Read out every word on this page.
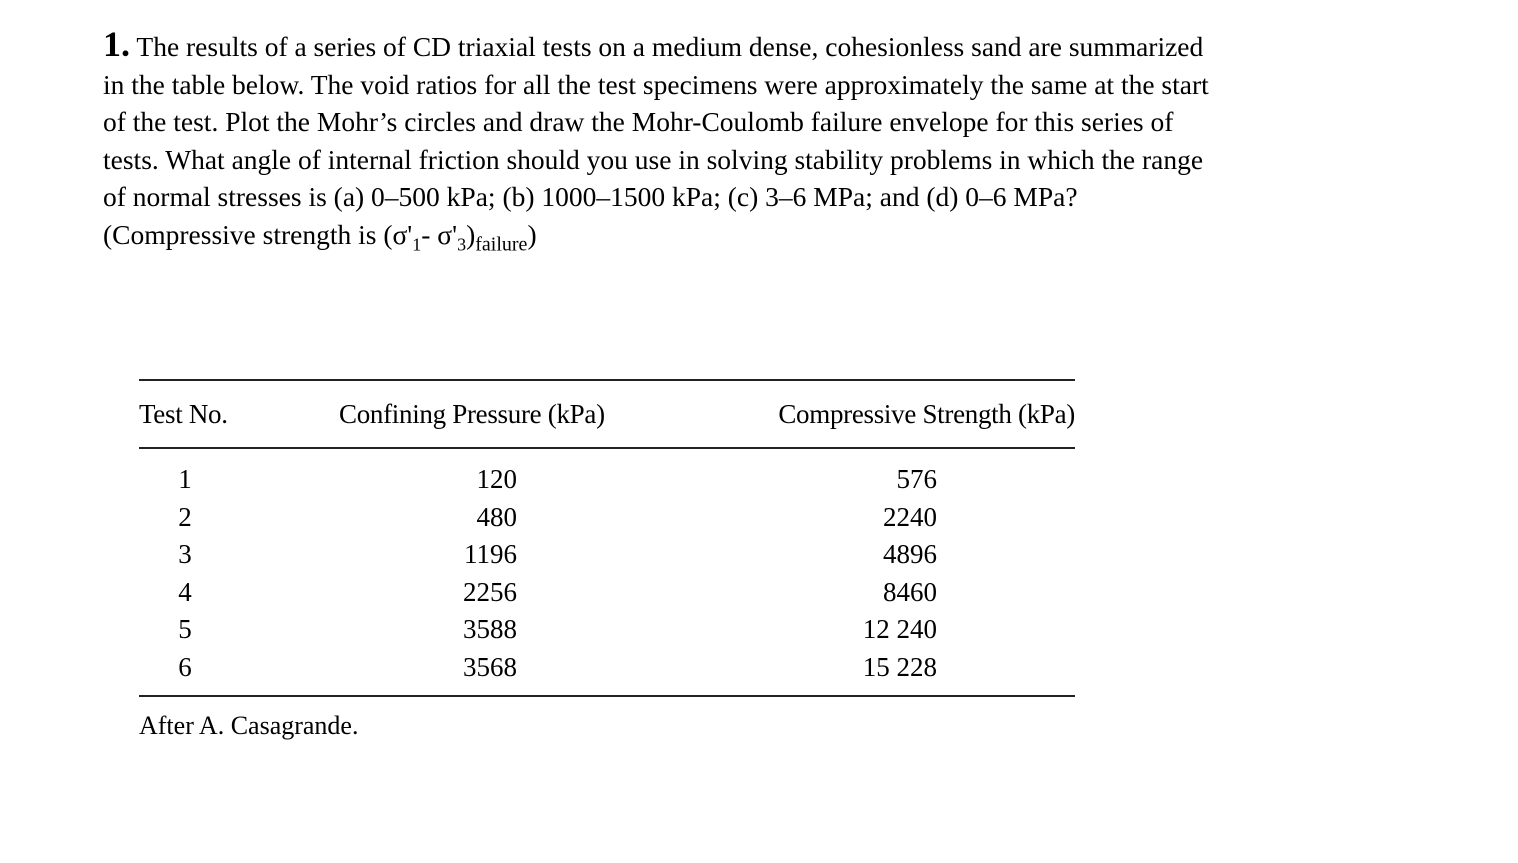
1. The results of a series of CD triaxial tests on a medium dense, cohesionless sand are summarized

in the table below. The void ratios for all the test specimens were approximately the same at the start

of the test. Plot the Mohr’s circles and draw the Mohr-Coulomb failure envelope for this series of

tests. What angle of internal friction should you use in solving stability problems in which the range

of normal stresses is (a) 0–500 kPa; (b) 1000–1500 kPa; (c) 3–6 MPa; and (d) 0–6 MPa?

(Compressive strength is ($\sigma'_1-$ $\sigma'_3)_{failure}$)

Test No.	Confining Pressure (kPa)	Compressive Strength (kPa)
1
2
3
4
5
6
120
480
1196
2256
3588
3568
576
2240
4896
8460
12 240
15 228
After A. Casagrande.
